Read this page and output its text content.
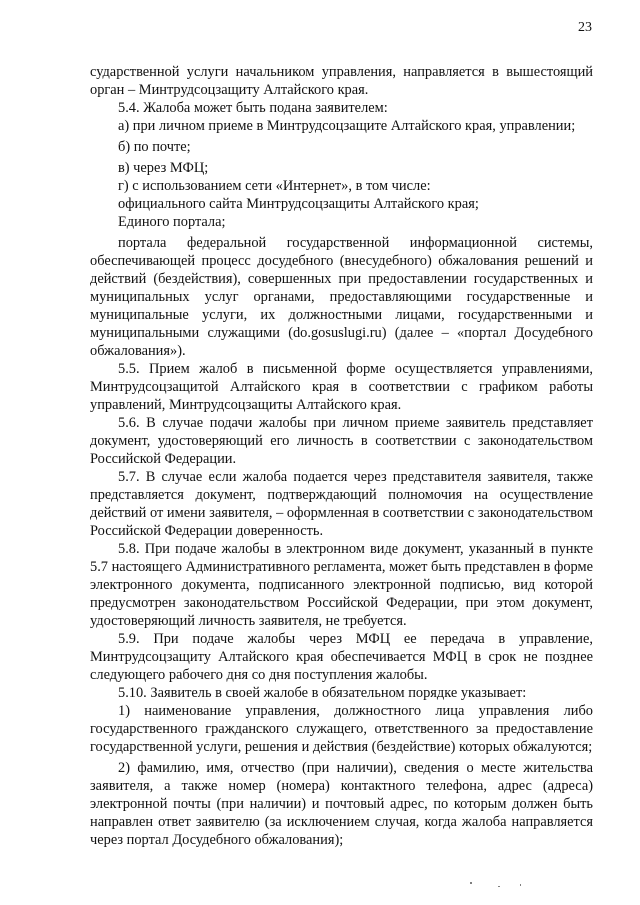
23

сударственной услуги начальником управления, направляется в вышестоящий орган – Минтрудсоцзащиту Алтайского края.

5.4. Жалоба может быть подана заявителем:

а) при личном приеме в Минтрудсоцзащите Алтайского края, управлении;

б) по почте;

в) через МФЦ;

г) с использованием сети «Интернет», в том числе:

официального сайта Минтрудсоцзащиты Алтайского края;

Единого портала;

портала федеральной государственной информационной системы, обеспечивающей процесс досудебного (внесудебного) обжалования решений и действий (бездействия), совершенных при предоставлении государственных и муниципальных услуг органами, предоставляющими государственные и муниципальные услуги, их должностными лицами, государственными и муниципальными служащими (do.gosuslugi.ru) (далее – «портал Досудебного обжалования»).

5.5. Прием жалоб в письменной форме осуществляется управлениями, Минтрудсоцзащитой Алтайского края в соответствии с графиком работы управлений, Минтрудсоцзащиты Алтайского края.

5.6. В случае подачи жалобы при личном приеме заявитель представляет документ, удостоверяющий его личность в соответствии с законодательством Российской Федерации.

5.7. В случае если жалоба подается через представителя заявителя, также представляется документ, подтверждающий полномочия на осуществление действий от имени заявителя, – оформленная в соответствии с законодательством Российской Федерации доверенность.

5.8. При подаче жалобы в электронном виде документ, указанный в пункте 5.7 настоящего Административного регламента, может быть представлен в форме электронного документа, подписанного электронной подписью, вид которой предусмотрен законодательством Российской Федерации, при этом документ, удостоверяющий личность заявителя, не требуется.

5.9. При подаче жалобы через МФЦ ее передача в управление, Минтрудсоцзащиту Алтайского края обеспечивается МФЦ в срок не позднее следующего рабочего дня со дня поступления жалобы.

5.10. Заявитель в своей жалобе в обязательном порядке указывает:

1) наименование управления, должностного лица управления либо государственного гражданского служащего, ответственного за предоставление государственной услуги, решения и действия (бездействие) которых обжалуются;

2) фамилию, имя, отчество (при наличии), сведения о месте жительства заявителя, а также номер (номера) контактного телефона, адрес (адреса) электронной почты (при наличии) и почтовый адрес, по которым должен быть направлен ответ заявителю (за исключением случая, когда жалоба направляется через портал Досудебного обжалования);
